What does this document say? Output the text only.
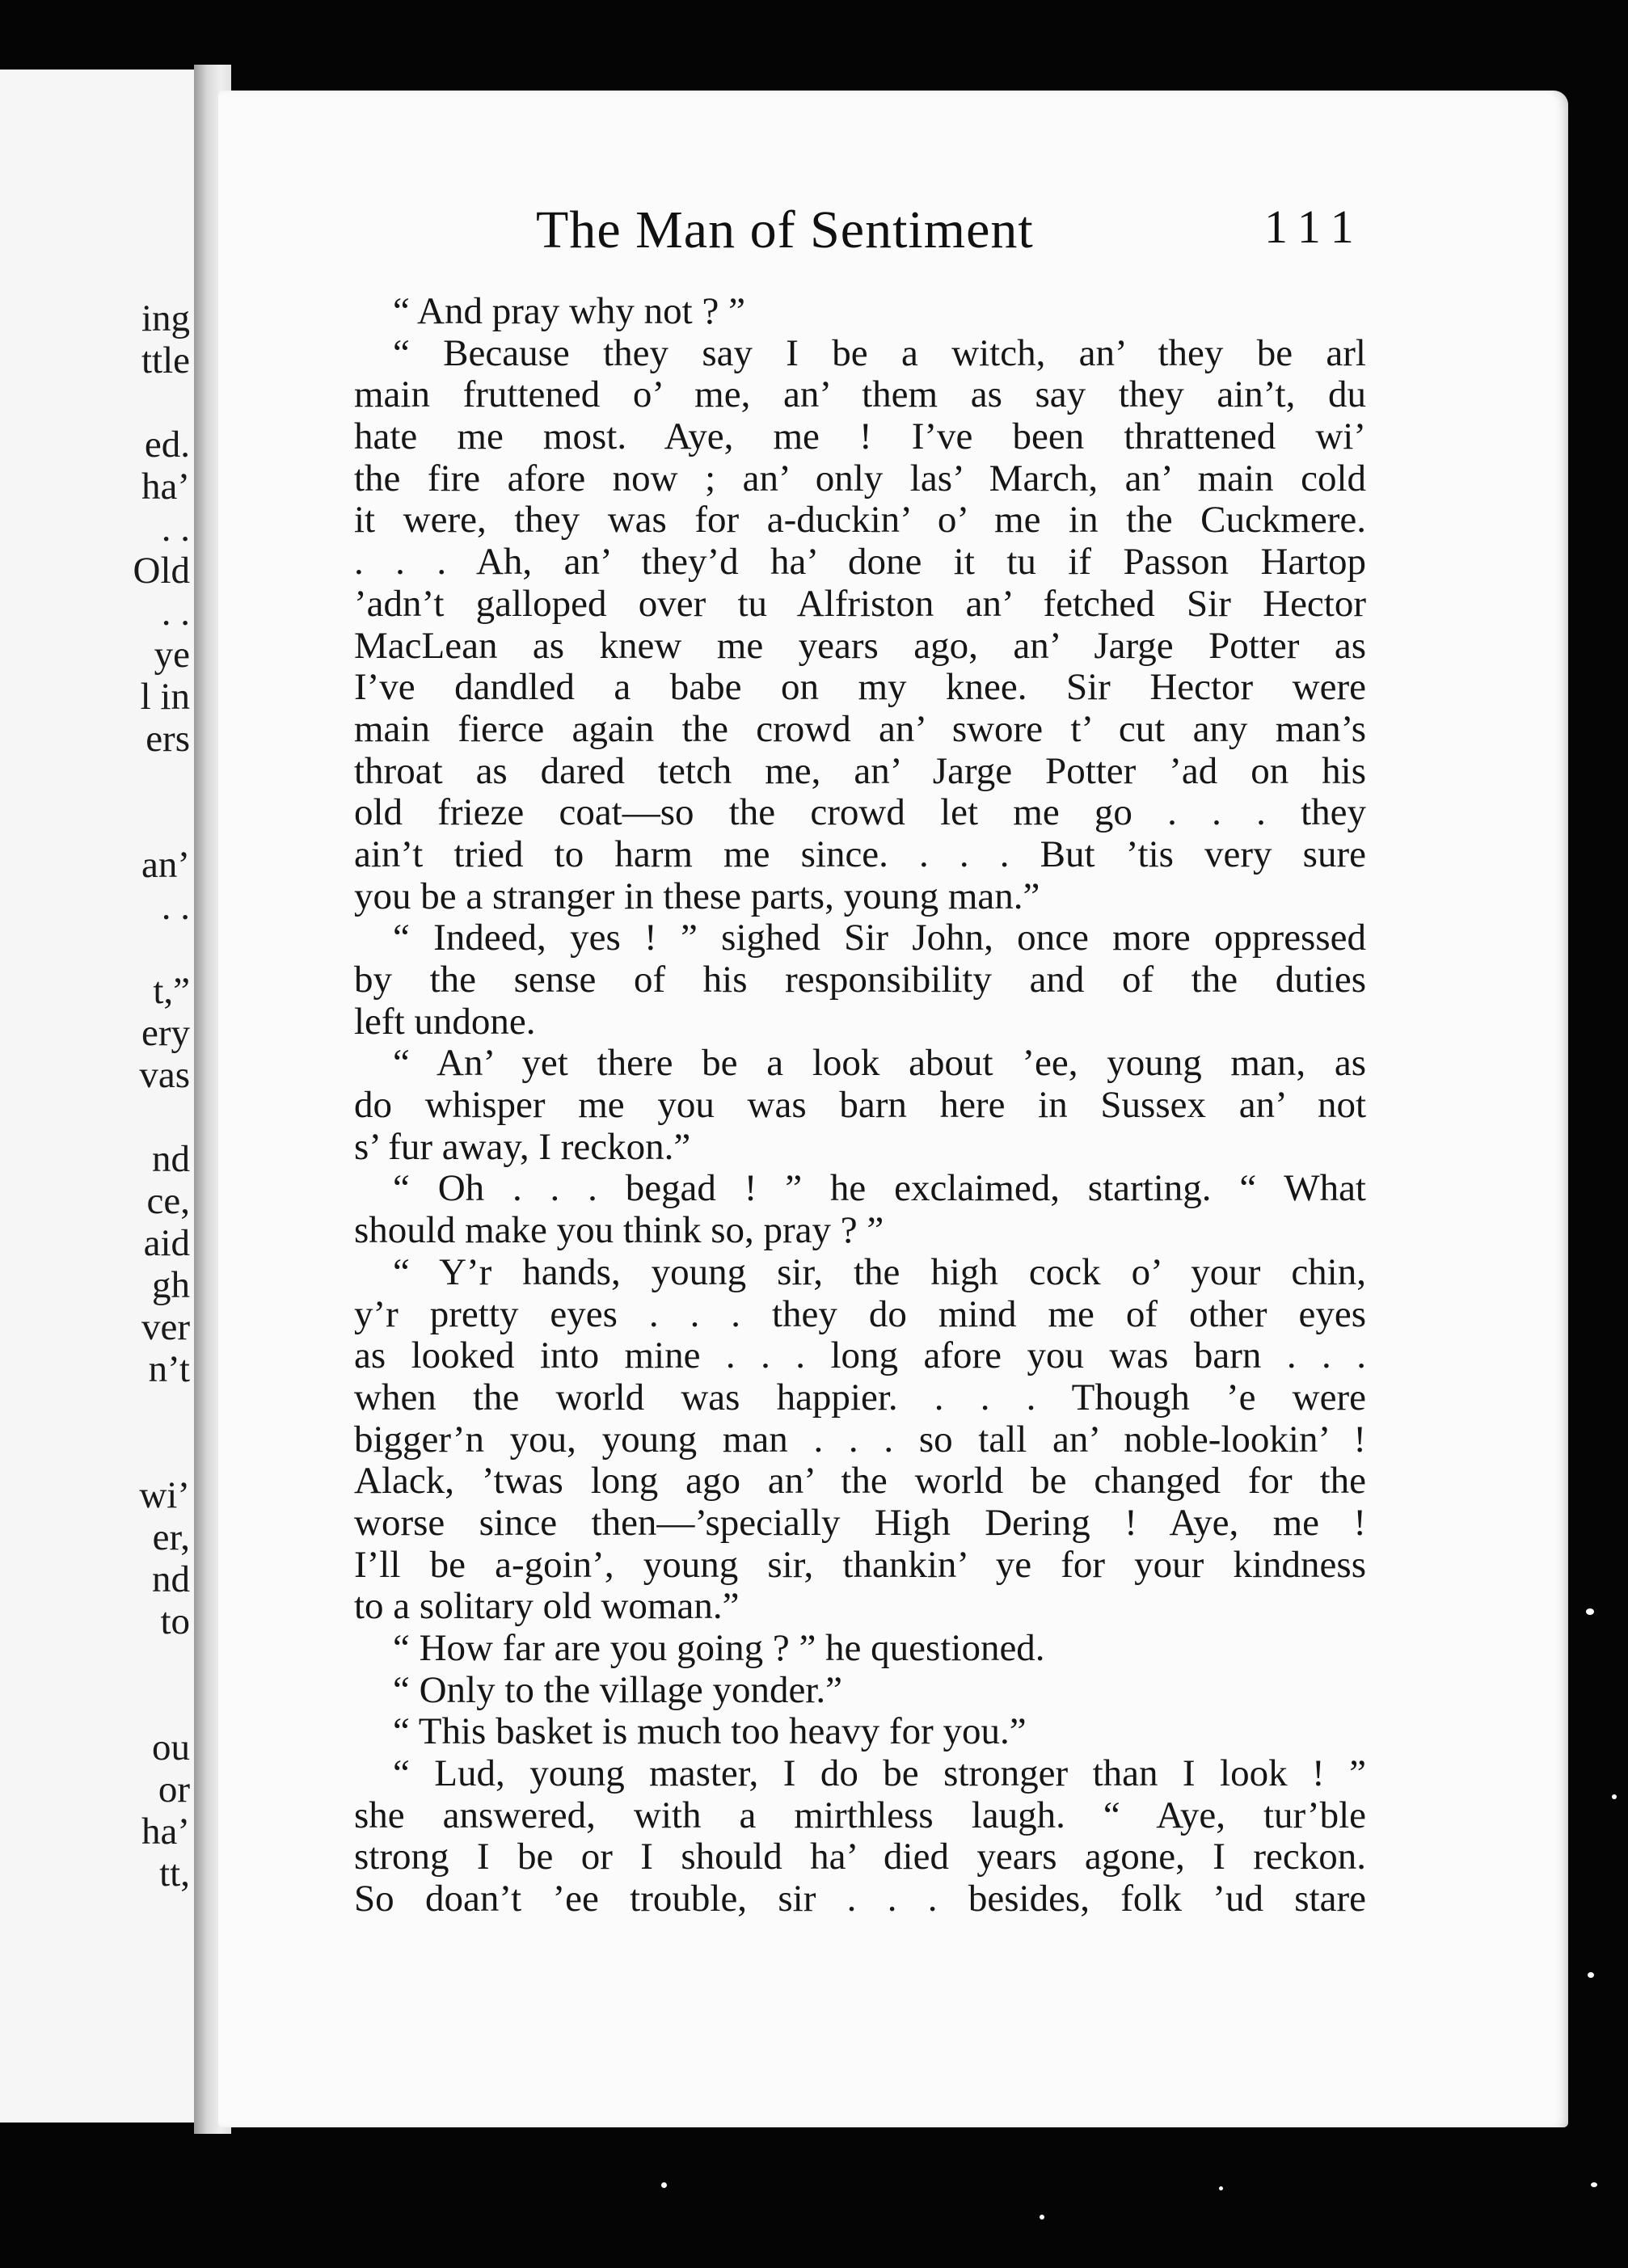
ing
ttle
ed.
ha’
. .
Old
. .
ye
l in
ers
an’
. .
t,”
ery
vas
nd
ce,
aid
gh
ver
n’t
wi’
er,
nd
to
ou
or
ha’
tt,
The Man of Sentiment	111
“ And pray why not ? ”
“ Because they say I be a witch, an’ they be arl
main fruttened o’ me, an’ them as say they ain’t, du
hate me most. Aye, me ! I’ve been thrattened wi’
the fire afore now ; an’ only las’ March, an’ main cold
it were, they was for a-duckin’ o’ me in the Cuckmere.
. . . Ah, an’ they’d ha’ done it tu if Passon Hartop
’adn’t galloped over tu Alfriston an’ fetched Sir Hector
MacLean as knew me years ago, an’ Jarge Potter as
I’ve dandled a babe on my knee. Sir Hector were
main fierce again the crowd an’ swore t’ cut any man’s
throat as dared tetch me, an’ Jarge Potter ’ad on his
old frieze coat—so the crowd let me go . . . they
ain’t tried to harm me since. . . . But ’tis very sure
you be a stranger in these parts, young man.”
“ Indeed, yes ! ” sighed Sir John, once more oppressed
by the sense of his responsibility and of the duties
left undone.
“ An’ yet there be a look about ’ee, young man, as
do whisper me you was barn here in Sussex an’ not
s’ fur away, I reckon.”
“ Oh . . . begad ! ” he exclaimed, starting. “ What
should make you think so, pray ? ”
“ Y’r hands, young sir, the high cock o’ your chin,
y’r pretty eyes . . . they do mind me of other eyes
as looked into mine . . . long afore you was barn . . .
when the world was happier. . . . Though ’e were
bigger’n you, young man . . . so tall an’ noble-lookin’ !
Alack, ’twas long ago an’ the world be changed for the
worse since then—’specially High Dering ! Aye, me !
I’ll be a-goin’, young sir, thankin’ ye for your kindness
to a solitary old woman.”
“ How far are you going ? ” he questioned.
“ Only to the village yonder.”
“ This basket is much too heavy for you.”
“ Lud, young master, I do be stronger than I look ! ”
she answered, with a mirthless laugh. “ Aye, tur’ble
strong I be or I should ha’ died years agone, I reckon.
So doan’t ’ee trouble, sir . . . besides, folk ’ud stare
